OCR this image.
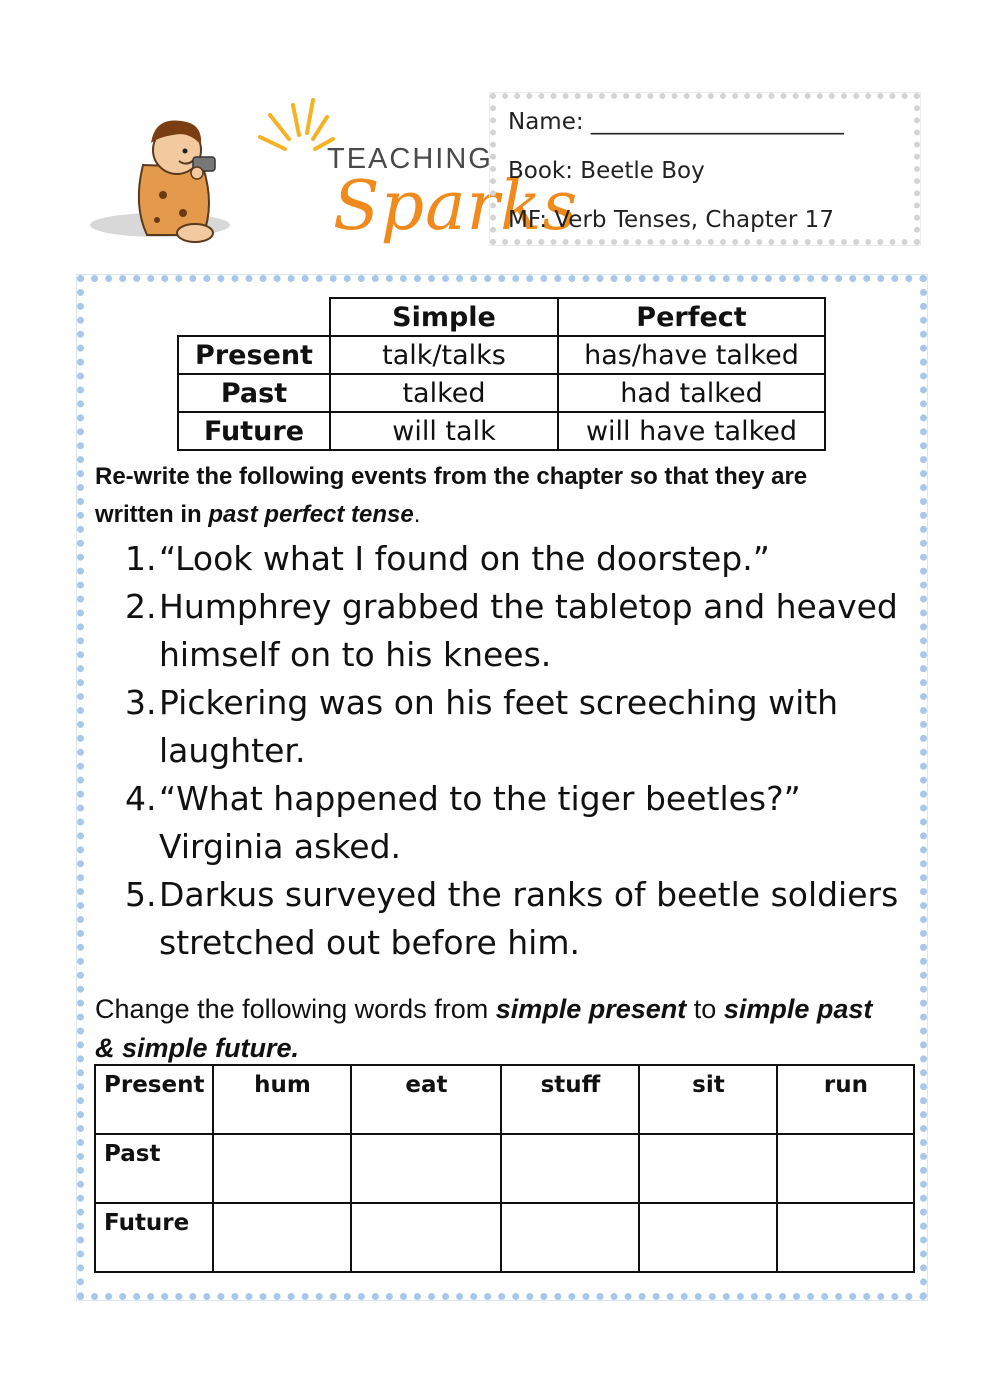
TEACHING
Sparks
Name: ______________________
Book: Beetle Boy
MF: Verb Tenses, Chapter 17
	Simple	Perfect
Present	talk/talks	has/have talked
Past	talked	had talked
Future	will talk	will have talked
Re-write the following events from the chapter so that they are
written in past perfect tense.
1. “Look what I found on the doorstep.”
2. Humphrey grabbed the tabletop and heaved himself on to his knees.
3. Pickering was on his feet screeching with laughter.
4. “What happened to the tiger beetles?” Virginia asked.
5. Darkus surveyed the ranks of beetle soldiers stretched out before him.
Change the following words from simple present to simple past & simple future.
Present	hum	eat	stuff	sit	run
Past					
Future					
